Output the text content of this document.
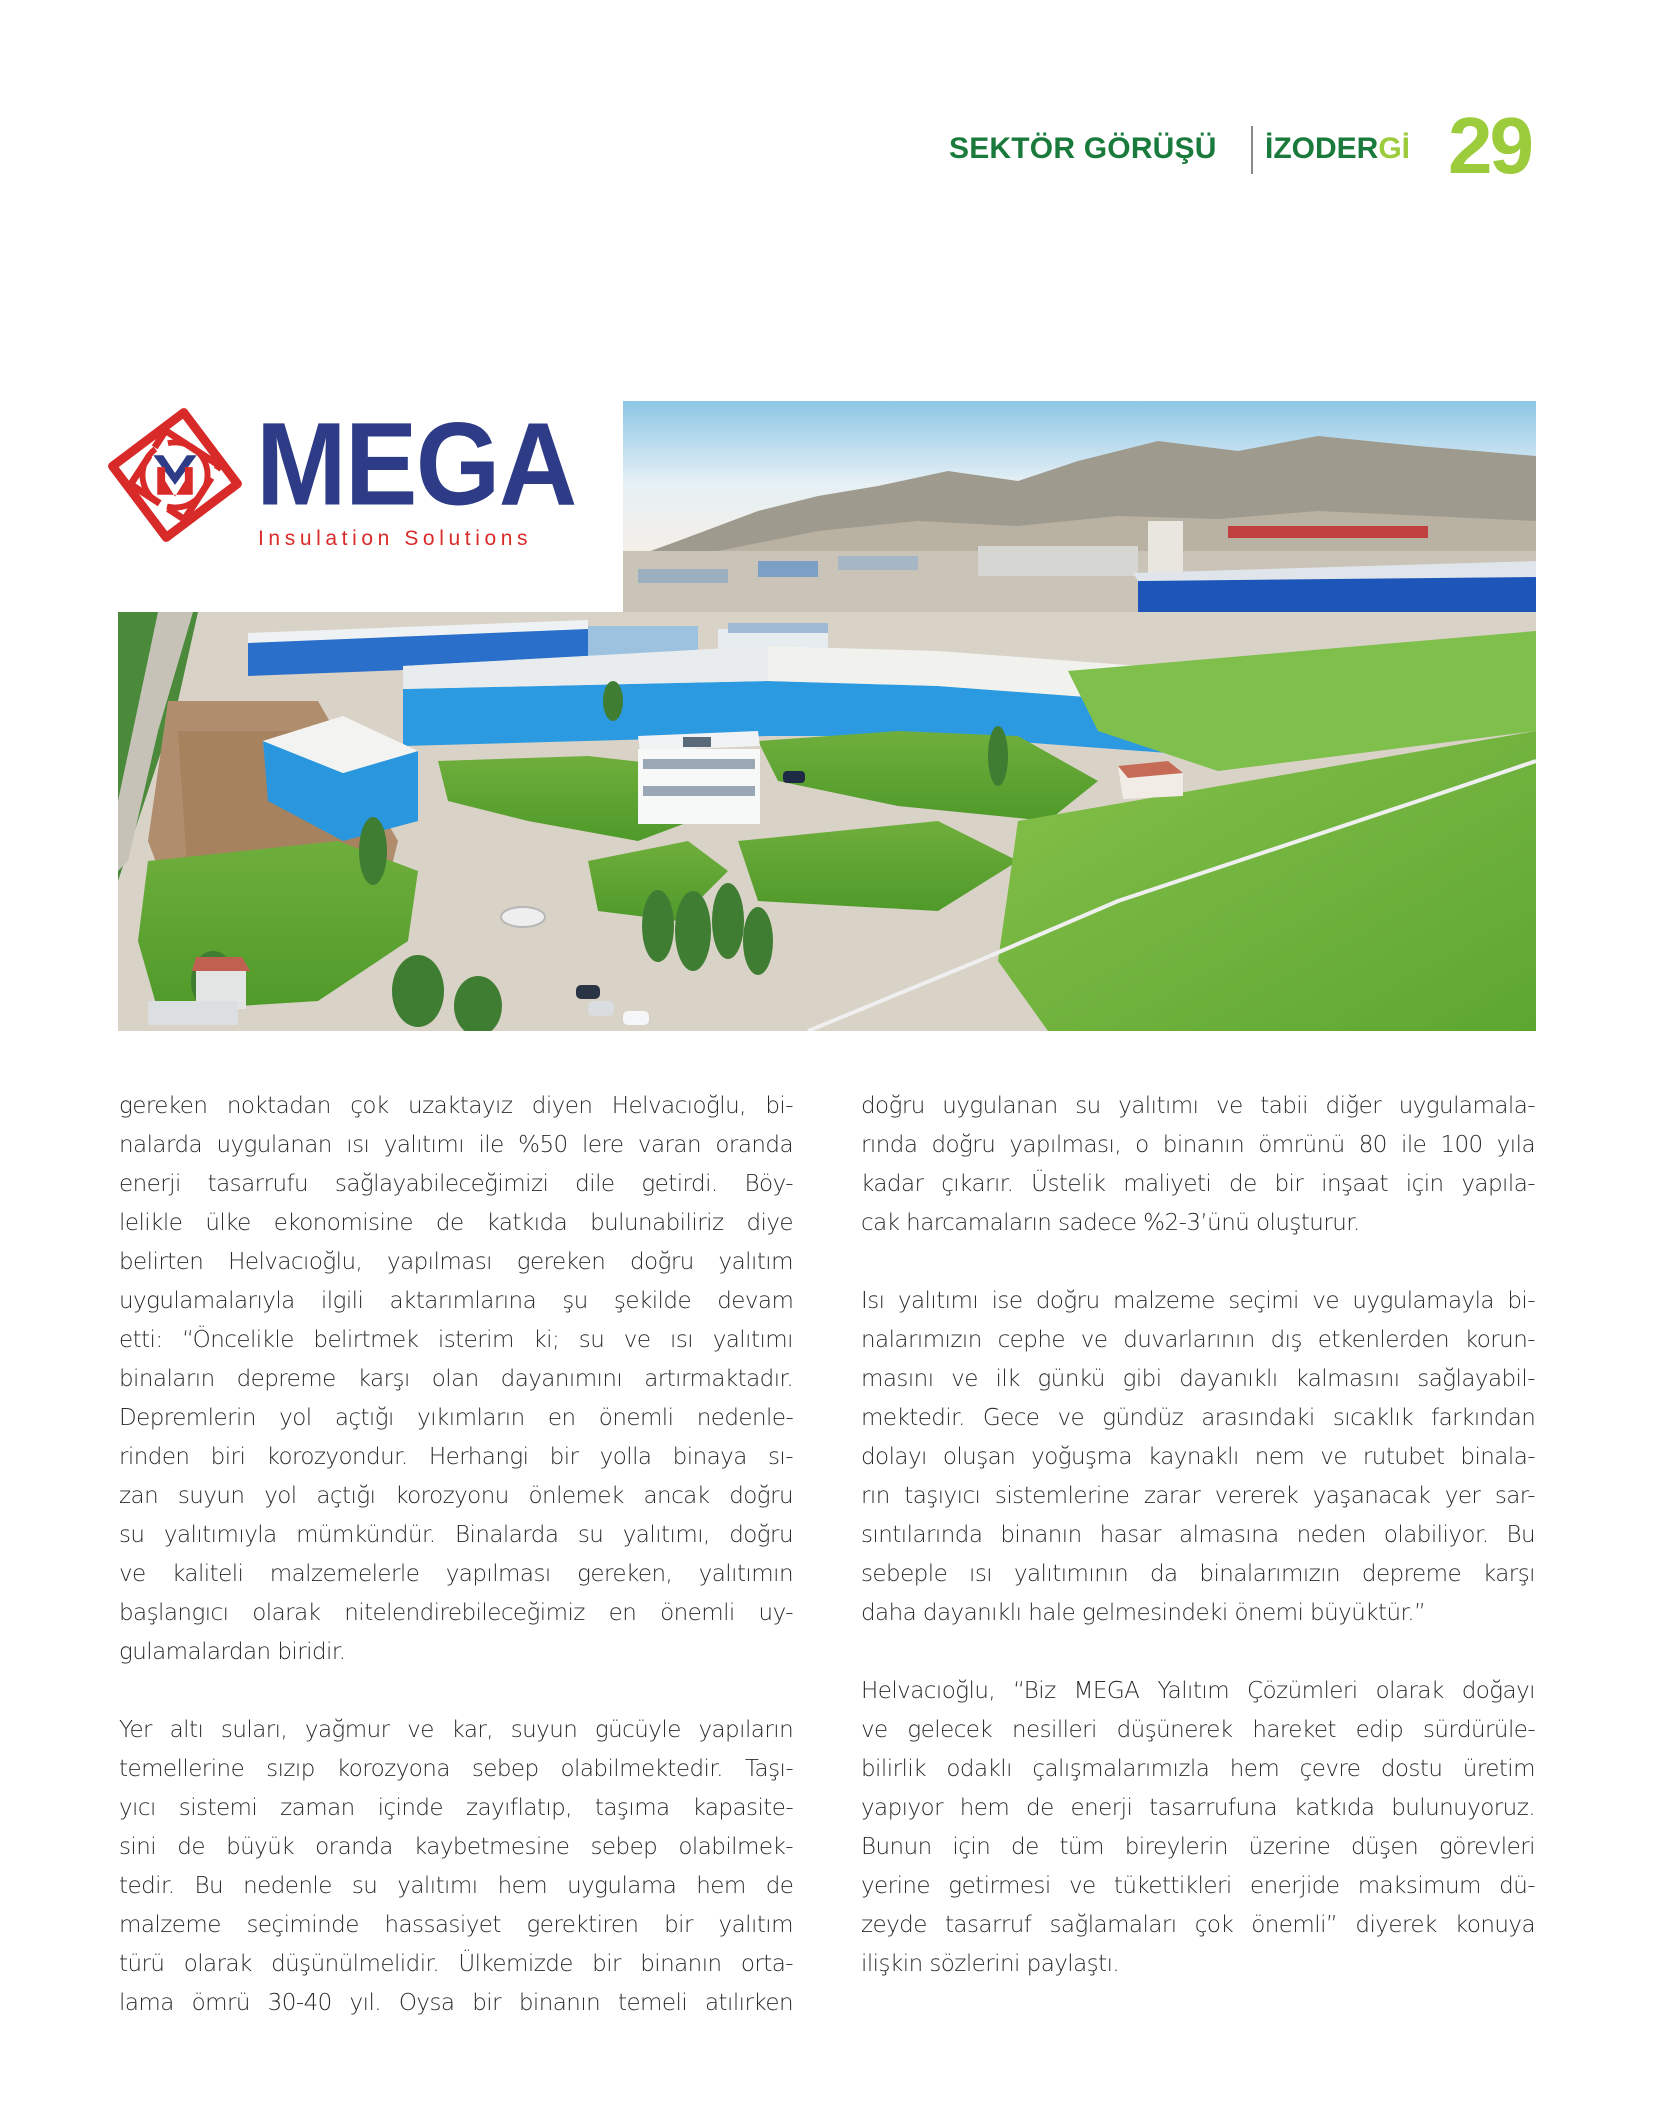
SEKTÖR GÖRÜŞÜ İZODERGİ 29
MEGA
Insulation Solutions
gereken noktadan çok uzaktayız diyen Helvacıoğlu, bi-
nalarda uygulanan ısı yalıtımı ile %50 lere varan oranda
enerji tasarrufu sağlayabileceğimizi dile getirdi. Böy-
lelikle ülke ekonomisine de katkıda bulunabiliriz diye
belirten Helvacıoğlu, yapılması gereken doğru yalıtım
uygulamalarıyla ilgili aktarımlarına şu şekilde devam
etti: “Öncelikle belirtmek isterim ki; su ve ısı yalıtımı
binaların depreme karşı olan dayanımını artırmaktadır.
Depremlerin yol açtığı yıkımların en önemli nedenle-
rinden biri korozyondur. Herhangi bir yolla binaya sı-
zan suyun yol açtığı korozyonu önlemek ancak doğru
su yalıtımıyla mümkündür. Binalarda su yalıtımı, doğru
ve kaliteli malzemelerle yapılması gereken, yalıtımın
başlangıcı olarak nitelendirebileceğimiz en önemli uy-
gulamalardan biridir.
Yer altı suları, yağmur ve kar, suyun gücüyle yapıların
temellerine sızıp korozyona sebep olabilmektedir. Taşı-
yıcı sistemi zaman içinde zayıflatıp, taşıma kapasite-
sini de büyük oranda kaybetmesine sebep olabilmek-
tedir. Bu nedenle su yalıtımı hem uygulama hem de
malzeme seçiminde hassasiyet gerektiren bir yalıtım
türü olarak düşünülmelidir. Ülkemizde bir binanın orta-
lama ömrü 30-40 yıl. Oysa bir binanın temeli atılırken
doğru uygulanan su yalıtımı ve tabii diğer uygulamala-
rında doğru yapılması, o binanın ömrünü 80 ile 100 yıla
kadar çıkarır. Üstelik maliyeti de bir inşaat için yapıla-
cak harcamaların sadece %2-3’ünü oluşturur.
Isı yalıtımı ise doğru malzeme seçimi ve uygulamayla bi-
nalarımızın cephe ve duvarlarının dış etkenlerden korun-
masını ve ilk günkü gibi dayanıklı kalmasını sağlayabil-
mektedir. Gece ve gündüz arasındaki sıcaklık farkından
dolayı oluşan yoğuşma kaynaklı nem ve rutubet binala-
rın taşıyıcı sistemlerine zarar vererek yaşanacak yer sar-
sıntılarında binanın hasar almasına neden olabiliyor. Bu
sebeple ısı yalıtımının da binalarımızın depreme karşı
daha dayanıklı hale gelmesindeki önemi büyüktür.”
Helvacıoğlu, “Biz MEGA Yalıtım Çözümleri olarak doğayı
ve gelecek nesilleri düşünerek hareket edip sürdürüle-
bilirlik odaklı çalışmalarımızla hem çevre dostu üretim
yapıyor hem de enerji tasarrufuna katkıda bulunuyoruz.
Bunun için de tüm bireylerin üzerine düşen görevleri
yerine getirmesi ve tükettikleri enerjide maksimum dü-
zeyde tasarruf sağlamaları çok önemli” diyerek konuya
ilişkin sözlerini paylaştı.
